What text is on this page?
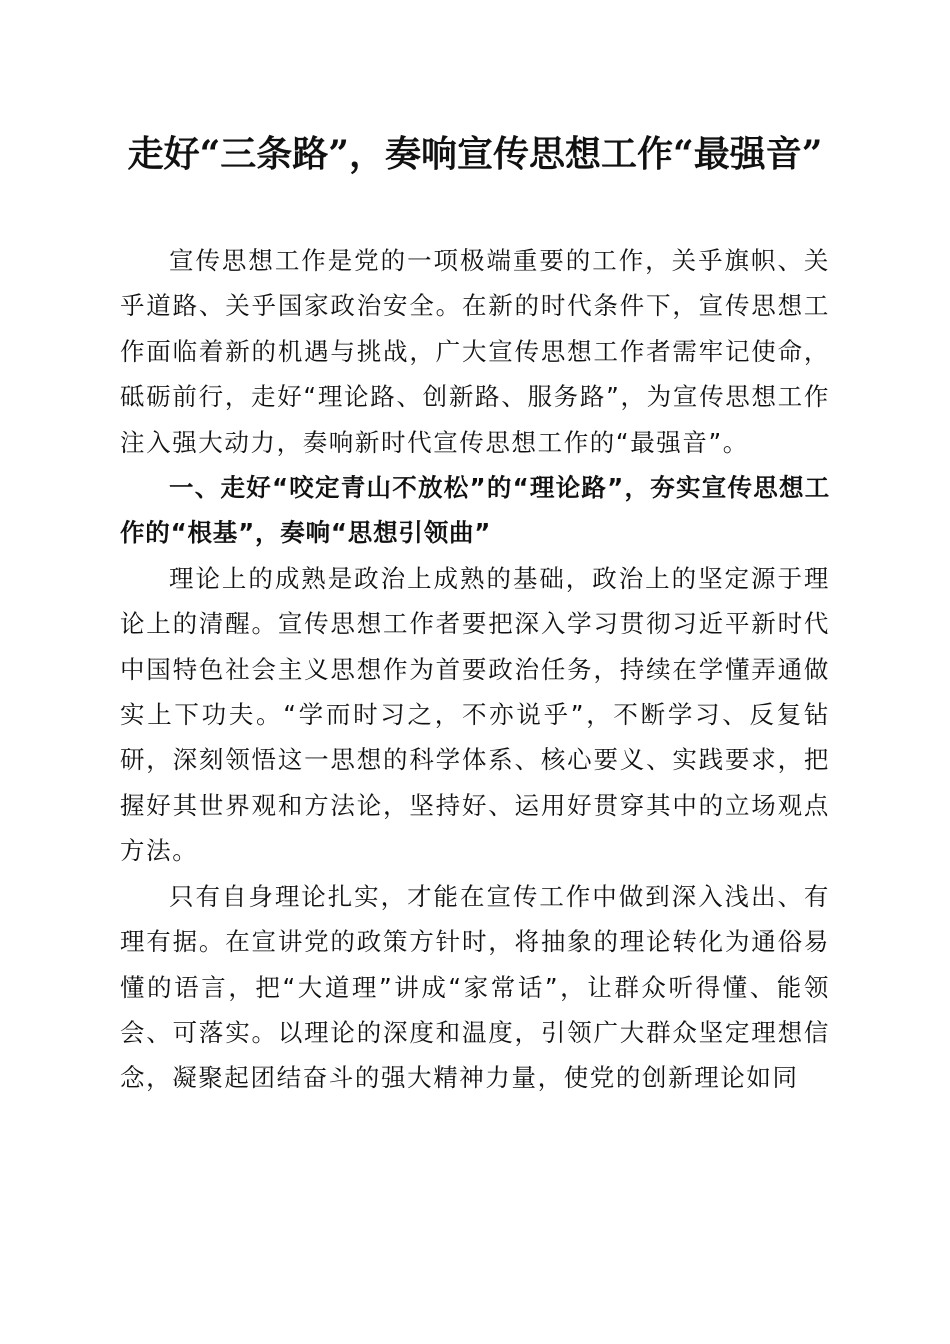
走好“三条路”，奏响宣传思想工作“最强音”

宣传思想工作是党的一项极端重要的工作，关乎旗帜、关乎道路、关乎国家政治安全。在新的时代条件下，宣传思想工作面临着新的机遇与挑战，广大宣传思想工作者需牢记使命，砥砺前行，走好“理论路、创新路、服务路”，为宣传思想工作注入强大动力，奏响新时代宣传思想工作的“最强音”。

一、走好“咬定青山不放松”的“理论路”，夯实宣传思想工作的“根基”，奏响“思想引领曲”

理论上的成熟是政治上成熟的基础，政治上的坚定源于理论上的清醒。宣传思想工作者要把深入学习贯彻习近平新时代中国特色社会主义思想作为首要政治任务，持续在学懂弄通做实上下功夫。“学而时习之，不亦说乎”，不断学习、反复钻研，深刻领悟这一思想的科学体系、核心要义、实践要求，把握好其世界观和方法论，坚持好、运用好贯穿其中的立场观点方法。

只有自身理论扎实，才能在宣传工作中做到深入浅出、有理有据。在宣讲党的政策方针时，将抽象的理论转化为通俗易懂的语言，把“大道理”讲成“家常话”，让群众听得懂、能领会、可落实。以理论的深度和温度，引领广大群众坚定理想信念，凝聚起团结奋斗的强大精神力量，使党的创新理论如同
